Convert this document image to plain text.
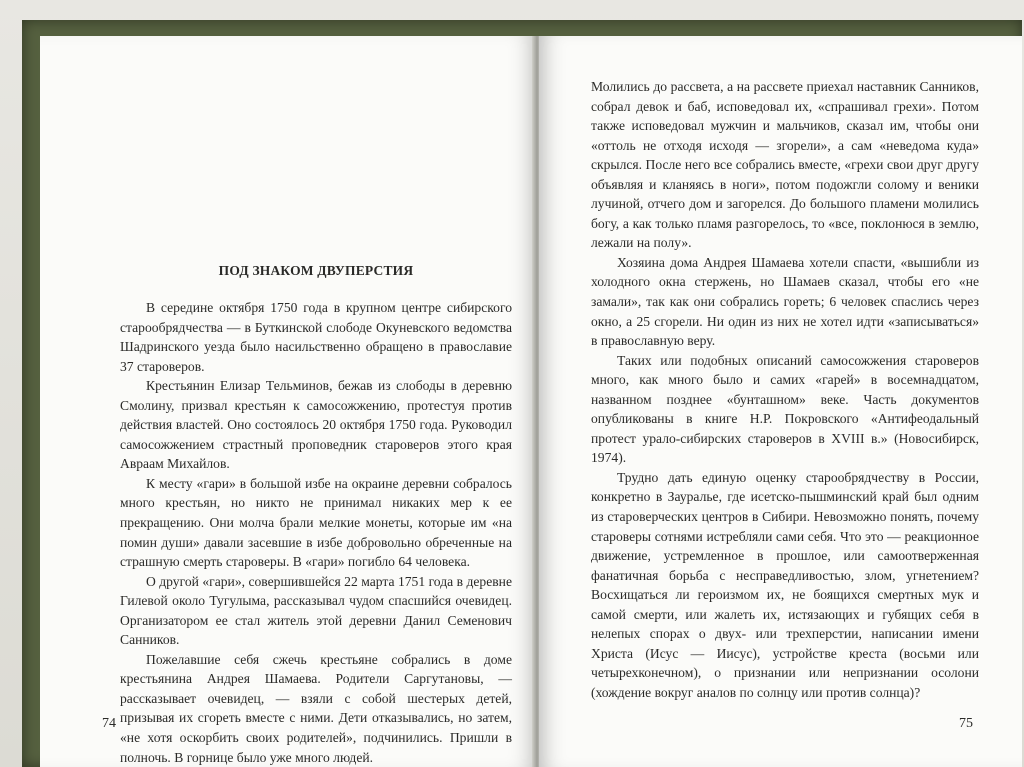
ПОД ЗНАКОМ ДВУПЕРСТИЯ

В середине октября 1750 года в крупном центре сибирского старообрядчества — в Буткинской слободе Окуневского ведомства Шадринского уезда было насильственно обращено в православие 37 староверов.

Крестьянин Елизар Тельминов, бежав из слободы в деревню Смолину, призвал крестьян к самосожжению, протестуя против действия властей. Оно состоялось 20 октября 1750 года. Руководил самосожжением страстный проповедник староверов этого края Авраам Михайлов.

К месту «гари» в большой избе на окраине деревни собралось много крестьян, но никто не принимал никаких мер к ее прекращению. Они молча брали мелкие монеты, которые им «на помин души» давали засевшие в избе добровольно обреченные на страшную смерть староверы. В «гари» погибло 64 человека.

О другой «гари», совершившейся 22 марта 1751 года в деревне Гилевой около Тугулыма, рассказывал чудом спасшийся очевидец. Организатором ее стал житель этой деревни Данил Семенович Санников.

Пожелавшие себя сжечь крестьяне собрались в доме крестьянина Андрея Шамаева. Родители Саргутановы, — рассказывает очевидец, — взяли с собой шестерых детей, призывая их сгореть вместе с ними. Дети отказывались, но затем, «не хотя оскорбить своих родителей», подчинились. Пришли в полночь. В горнице было уже много людей.

74

Молились до рассвета, а на рассвете приехал наставник Санников, собрал девок и баб, исповедовал их, «спрашивал грехи». Потом также исповедовал мужчин и мальчиков, сказал им, чтобы они «оттоль не отходя исходя — згорели», а сам «неведома куда» скрылся. После него все собрались вместе, «грехи свои друг другу объявляя и кланяясь в ноги», потом подожгли солому и веники лучиной, отчего дом и загорелся. До большого пламени молились богу, а как только пламя разгорелось, то «все, поклонюся в землю, лежали на полу».

Хозяина дома Андрея Шамаева хотели спасти, «вышибли из холодного окна стержень, но Шамаев сказал, чтобы его «не замали», так как они собрались гореть; 6 человек спаслись через окно, а 25 сгорели. Ни один из них не хотел идти «записываться» в православную веру.

Таких или подобных описаний самосожжения староверов много, как много было и самих «гарей» в восемнадцатом, названном позднее «бунташном» веке. Часть документов опубликованы в книге Н.Р. Покровского «Антифеодальный протест урало-сибирских староверов в XVIII в.» (Новосибирск, 1974).

Трудно дать единую оценку старообрядчеству в России, конкретно в Зауралье, где исетско-пышминский край был одним из староверческих центров в Сибири. Невозможно понять, почему староверы сотнями истребляли сами себя. Что это — реакционное движение, устремленное в прошлое, или самоотверженная фанатичная борьба с несправедливостью, злом, угнетением? Восхищаться ли героизмом их, не боящихся смертных мук и самой смерти, или жалеть их, истязающих и губящих себя в нелепых спорах о двух- или трехперстии, написании имени Христа (Исус — Иисус), устройстве креста (восьми или четырехконечном), о признании или непризнании осолони (хождение вокруг аналов по солнцу или против солнца)?

75
